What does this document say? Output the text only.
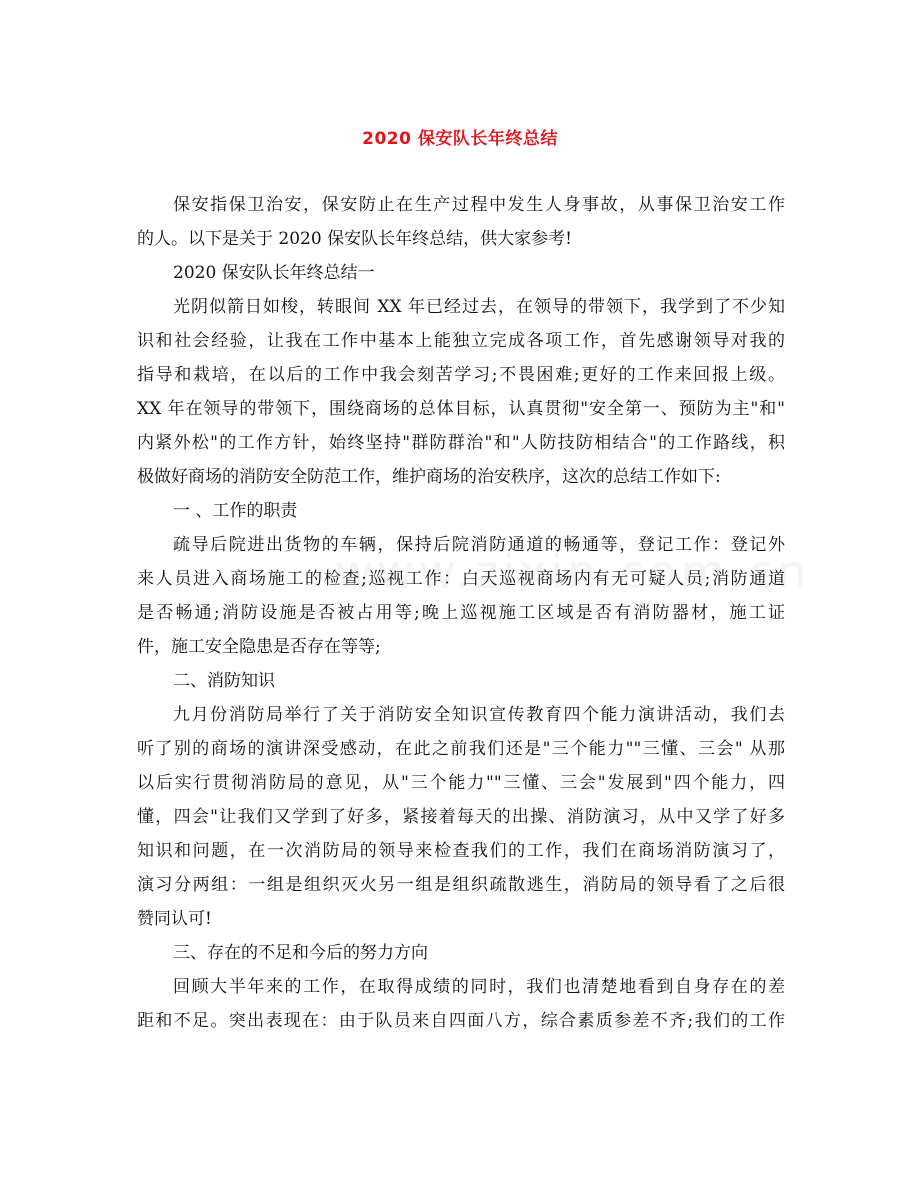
2020 保安队长年终总结
保安指保卫治安，保安防止在生产过程中发生人身事故，从事保卫治安工作
的人。以下是关于 2020 保安队长年终总结，供大家参考!
2020 保安队长年终总结一
光阴似箭日如梭，转眼间 XX 年已经过去，在领导的带领下，我学到了不少知
识和社会经验，让我在工作中基本上能独立完成各项工作，首先感谢领导对我的
指导和栽培，在以后的工作中我会刻苦学习;不畏困难;更好的工作来回报上级。
XX 年在领导的带领下，围绕商场的总体目标，认真贯彻"安全第一、预防为主"和"
内紧外松"的工作方针，始终坚持"群防群治"和"人防技防相结合"的工作路线，积
极做好商场的消防安全防范工作，维护商场的治安秩序，这次的总结工作如下:
一 、工作的职责
疏导后院进出货物的车辆，保持后院消防通道的畅通等，登记工作：登记外
来人员进入商场施工的检查;巡视工作：白天巡视商场内有无可疑人员;消防通道
是否畅通;消防设施是否被占用等;晚上巡视施工区域是否有消防器材，施工证
件，施工安全隐患是否存在等等;
二、消防知识
九月份消防局举行了关于消防安全知识宣传教育四个能力演讲活动，我们去
听了别的商场的演讲深受感动，在此之前我们还是"三个能力""三懂、三会" 从那
以后实行贯彻消防局的意见，从"三个能力""三懂、三会"发展到"四个能力，四
懂，四会"让我们又学到了好多，紧接着每天的出操、消防演习，从中又学了好多
知识和问题，在一次消防局的领导来检查我们的工作，我们在商场消防演习了，
演习分两组：一组是组织灭火另一组是组织疏散逃生，消防局的领导看了之后很
赞同认可!
三、存在的不足和今后的努力方向
回顾大半年来的工作，在取得成绩的同时，我们也清楚地看到自身存在的差
距和不足。突出表现在：由于队员来自四面八方，综合素质参差不齐;我们的工作
